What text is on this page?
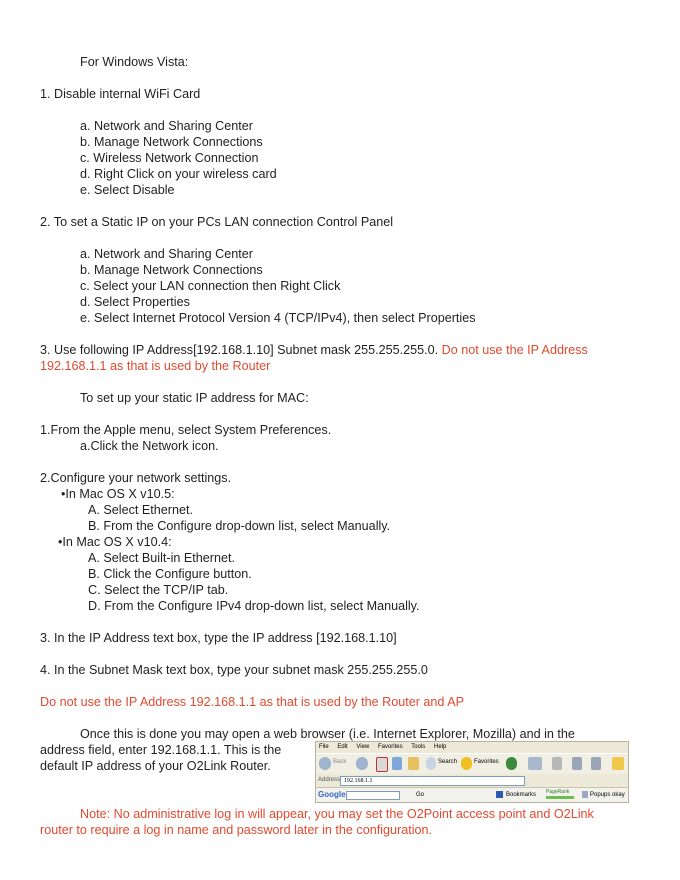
For Windows Vista:
1. Disable internal WiFi Card
a. Network and Sharing Center
b. Manage Network Connections
c. Wireless Network Connection
d. Right Click on your wireless card
e. Select Disable
2. To set a Static IP on your PCs LAN connection Control Panel
a. Network and Sharing Center
b. Manage Network Connections
c. Select your LAN connection then Right Click
d. Select Properties
e. Select Internet Protocol Version 4 (TCP/IPv4), then select Properties
3. Use following IP Address[192.168.1.10] Subnet mask 255.255.255.0. Do not use the IP Address 192.168.1.1 as that is used by the Router
To set up your static IP address for MAC:
1.From the Apple menu, select System Preferences.
a.Click the Network icon.
2.Configure your network settings.
•In Mac OS X v10.5:
A. Select Ethernet.
B. From the Configure drop-down list, select Manually.
•In Mac OS X v10.4:
A. Select Built-in Ethernet.
B. Click the Configure button.
C. Select the TCP/IP tab.
D. From the Configure IPv4 drop-down list, select Manually.
3. In the IP Address text box, type the IP address [192.168.1.10]
4. In the Subnet Mask text box, type your subnet mask 255.255.255.0
Do not use the IP Address 192.168.1.1 as that is used by the Router and AP
Once this is done you may open a web browser (i.e. Internet Explorer, Mozilla) and in the
address field, enter 192.168.1.1. This is the
default IP address of your O2Link Router.
File Edit View Favorites Tools Help
Back	Search	Favorites
Address 192.168.1.1
Google	Go	Bookmarks PageRank	Popups okay
Note: No administrative log in will appear, you may set the O2Point access point and O2Link
router to require a log in name and password later in the configuration.
